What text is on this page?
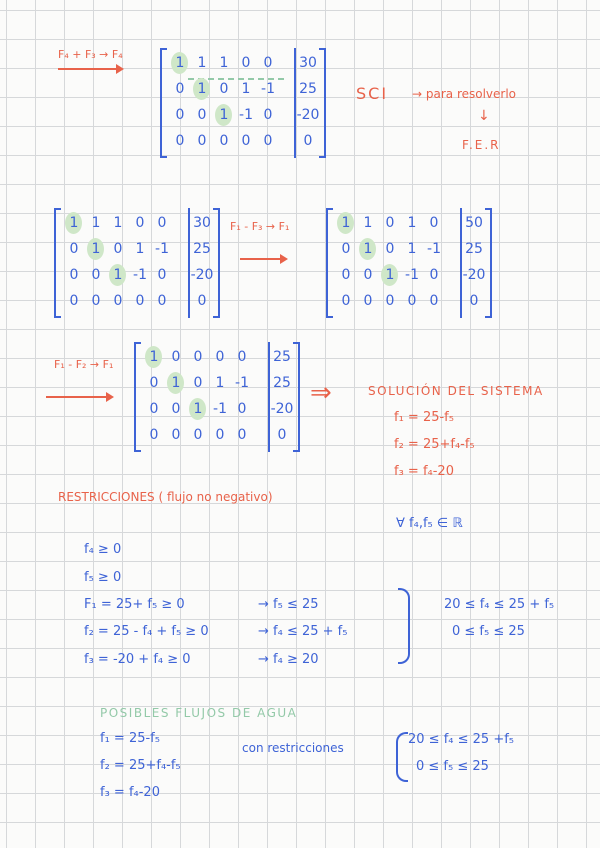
F₄ + F₃ → F₄
1 1 1 0 0	30
0 1 0 1 -1	25
0 0 1 -1 0	-20
0 0 0 0 0	0
SCI → para resolverlo
↓
F.E.R
1 1 1 0 0	30
0 1 0 1 -1	25
0 0 1 -1 0	-20
0 0 0 0 0	0
F₁ - F₃ → F₁	1 1 0 1 0	50
0 1 0 1 -1	25
0 0 1 -1 0	-20
0 0 0 0 0	0
F₁ - F₂ → F₁	1 0 0 0 0	25
0 1 0 1 -1	25
0 0 1 -1 0	-20
0 0 0 0 0	0
⇒	SOLUCIÓN DEL SISTEMA
f₁ = 25-f₅
f₂ = 25+f₄-f₅
f₃ = f₄-20
RESTRICCIONES ( flujo no negativo)
∀ f₄,f₅ ∈ ℝ
f₄ ≥ 0
f₅ ≥ 0
F₁ = 25+ f₅ ≥ 0	→ f₅ ≤ 25
f₂ = 25 - f₄ + f₅ ≥ 0	→ f₄ ≤ 25 + f₅
f₃ = -20 + f₄ ≥ 0	→ f₄ ≥ 20
20 ≤ f₄ ≤ 25 + f₅
0 ≤ f₅ ≤ 25
POSIBLES FLUJOS DE AGUA
f₁ = 25-f₅
f₂ = 25+f₄-f₅
f₃ = f₄-20
con restricciones
20 ≤ f₄ ≤ 25 +f₅
0 ≤ f₅ ≤ 25
